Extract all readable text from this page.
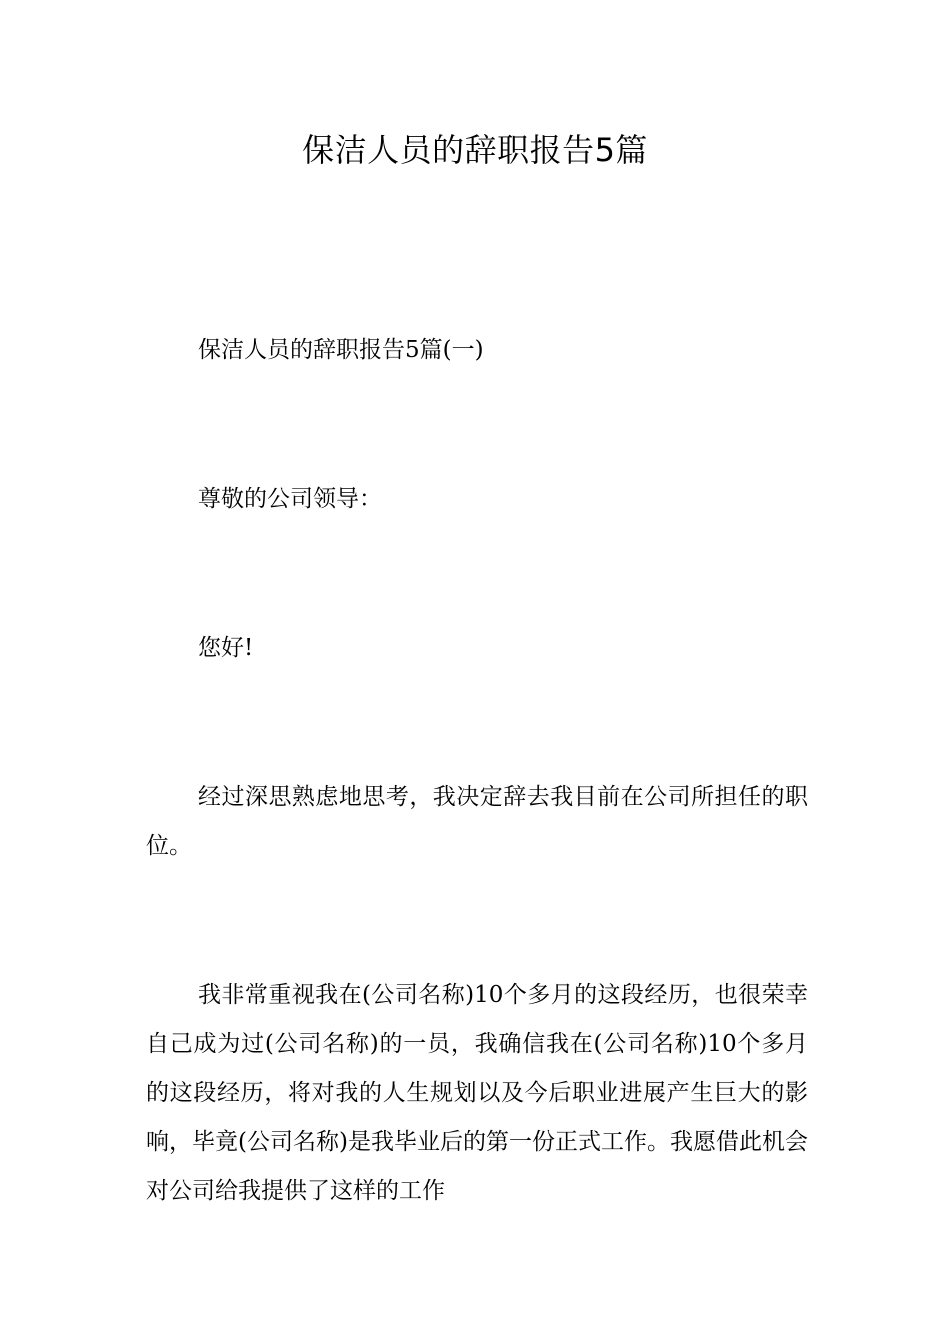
保洁人员的辞职报告5篇

保洁人员的辞职报告5篇(一)

尊敬的公司领导：

您好!

经过深思熟虑地思考，我决定辞去我目前在公司所担任的职位。

我非常重视我在(公司名称)10个多月的这段经历，也很荣幸自己成为过(公司名称)的一员，我确信我在(公司名称)10个多月的这段经历，将对我的人生规划以及今后职业进展产生巨大的影响，毕竟(公司名称)是我毕业后的第一份正式工作。我愿借此机会对公司给我提供了这样的工作
